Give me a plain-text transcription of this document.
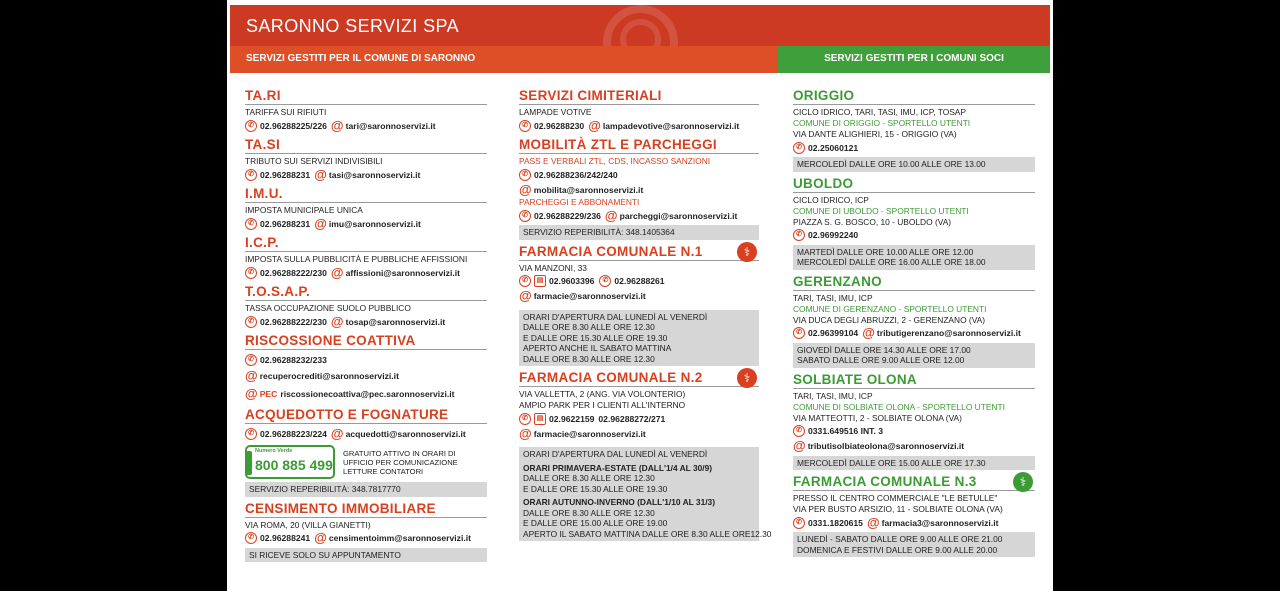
SARONNO SERVIZI SPA
SERVIZI GESTITI PER IL COMUNE DI SARONNO	SERVIZI GESTITI PER I COMUNI SOCI
TA.RI
TARIFFA SUI RIFIUTI
✆ 02.96288225/226 @ tari@saronnoservizi.it
TA.SI
TRIBUTO SUI SERVIZI INDIVISIBILI
✆ 02.96288231 @ tasi@saronnoservizi.it
I.M.U.
IMPOSTA MUNICIPALE UNICA
✆ 02.96288231 @ imu@saronnoservizi.it
I.C.P.
IMPOSTA SULLA PUBBLICITÀ E PUBBLICHE AFFISSIONI
✆ 02.96288222/230 @ affissioni@saronnoservizi.it
T.O.S.A.P.
TASSA OCCUPAZIONE SUOLO PUBBLICO
✆ 02.96288222/230 @ tosap@saronnoservizi.it
RISCOSSIONE COATTIVA
✆ 02.96288232/233
@ recuperocrediti@saronnoservizi.it
@ PEC riscossionecoattiva@pec.saronnoservizi.it
ACQUEDOTTO E FOGNATURE
✆ 02.96288223/224 @ acquedotti@saronnoservizi.it
Numero Verde
800 885 499
GRATUITO ATTIVO IN ORARI DI UFFICIO PER COMUNICAZIONE LETTURE CONTATORI
SERVIZIO REPERIBILITÀ: 348.7817770
CENSIMENTO IMMOBILIARE
VIA ROMA, 20 (VILLA GIANETTI)
✆ 02.96288241 @ censimentoimm@saronnoservizi.it
SI RICEVE SOLO SU APPUNTAMENTO
SERVIZI CIMITERIALI
LAMPADE VOTIVE
✆ 02.96288230 @ lampadevotive@saronnoservizi.it
MOBILITÀ ZTL E PARCHEGGI
PASS E VERBALI ZTL, CDS, INCASSO SANZIONI
✆ 02.96288236/242/240
@ mobilita@saronnoservizi.it
PARCHEGGI E ABBONAMENTI
✆ 02.96288229/236 @ parcheggi@saronnoservizi.it
SERVIZIO REPERIBILITÀ: 348.1405364
⚕
FARMACIA COMUNALE N.1
VIA MANZONI, 33
✆	▤ 02.9603396	✆ 02.96288261
@ farmacie@saronnoservizi.it
ORARI D'APERTURA DAL LUNEDÌ AL VENERDÌ
DALLE ORE 8.30 ALLE ORE 12.30
E DALLE ORE 15.30 ALLE ORE 19.30
APERTO ANCHE IL SABATO MATTINA
DALLE ORE 8.30 ALLE ORE 12.30
⚕
FARMACIA COMUNALE N.2
VIA VALLETTA, 2 (ANG. VIA VOLONTERIO)
AMPIO PARK PER I CLIENTI ALL'INTERNO
✆	▤ 02.9622159 02.96288272/271
@ farmacie@saronnoservizi.it
ORARI D'APERTURA DAL LUNEDÌ AL VENERDÌ
ORARI PRIMAVERA-ESTATE (DALL'1/4 AL 30/9)
DALLE ORE 8.30 ALLE ORE 12.30
E DALLE ORE 15.30 ALLE ORE 19.30
ORARI AUTUNNO-INVERNO (DALL'1/10 AL 31/3)
DALLE ORE 8.30 ALLE ORE 12.30
E DALLE ORE 15.00 ALLE ORE 19.00
APERTO IL SABATO MATTINA DALLE ORE 8.30 ALLE ORE12.30
ORIGGIO
CICLO IDRICO, TARI, TASI, IMU, ICP, TOSAP
COMUNE DI ORIGGIO - SPORTELLO UTENTI
VIA DANTE ALIGHIERI, 15 - ORIGGIO (VA)
✆ 02.25060121
MERCOLEDÌ DALLE ORE 10.00 ALLE ORE 13.00
UBOLDO
CICLO IDRICO, ICP
COMUNE DI UBOLDO - SPORTELLO UTENTI
PIAZZA S. G. BOSCO, 10 - UBOLDO (VA)
✆ 02.96992240
MARTEDÌ DALLE ORE 10.00 ALLE ORE 12.00
MERCOLEDÌ DALLE ORE 16.00 ALLE ORE 18.00
GERENZANO
TARI, TASI, IMU, ICP
COMUNE DI GERENZANO - SPORTELLO UTENTI
VIA DUCA DEGLI ABRUZZI, 2 - GERENZANO (VA)
✆ 02.96399104 @ tributigerenzano@saronnoservizi.it
GIOVEDÌ DALLE ORE 14.30 ALLE ORE 17.00
SABATO DALLE ORE 9.00 ALLE ORE 12.00
SOLBIATE OLONA
TARI, TASI, IMU, ICP
COMUNE DI SOLBIATE OLONA - SPORTELLO UTENTI
VIA MATTEOTTI, 2 - SOLBIATE OLONA (VA)
✆ 0331.649516 INT. 3
@ tributisolbiateolona@saronnoservizi.it
MERCOLEDÌ DALLE ORE 15.00 ALLE ORE 17.30
⚕
FARMACIA COMUNALE N.3
PRESSO IL CENTRO COMMERCIALE "LE BETULLE"
VIA PER BUSTO ARSIZIO, 11 - SOLBIATE OLONA (VA)
✆ 0331.1820615 @ farmacia3@saronnoservizi.it
LUNEDÌ - SABATO DALLE ORE 9.00 ALLE ORE 21.00
DOMENICA E FESTIVI DALLE ORE 9.00 ALLE 20.00
